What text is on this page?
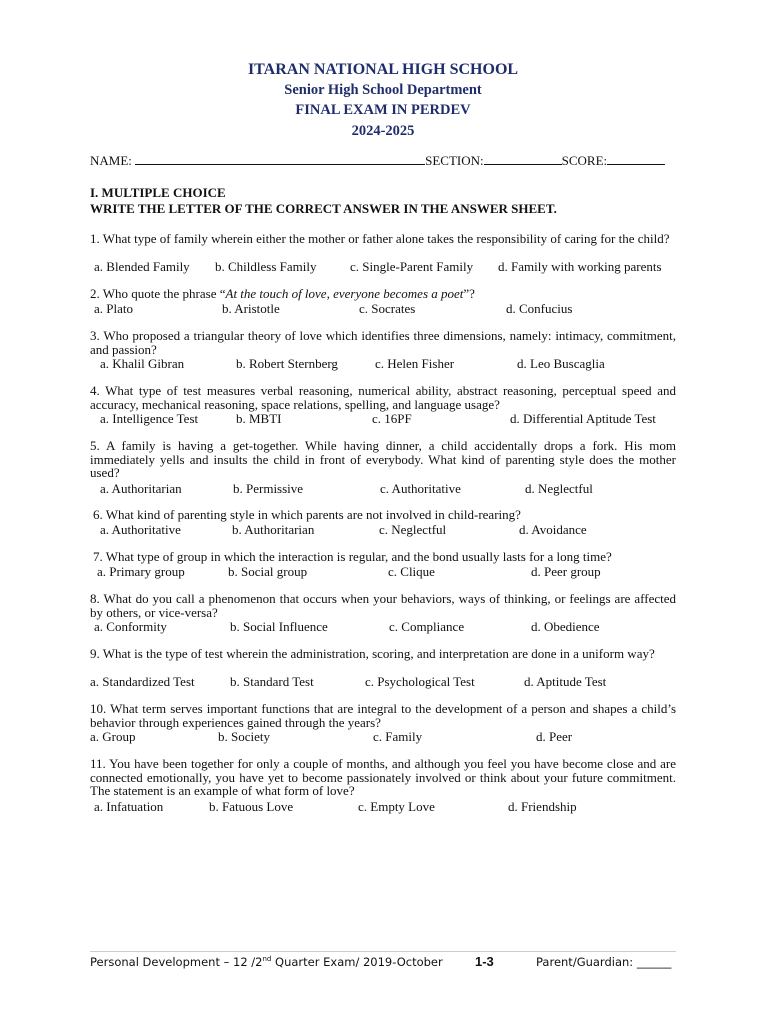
ITARAN NATIONAL HIGH SCHOOL
Senior High School Department
FINAL EXAM IN PERDEV
2024-2025
NAME:	SECTION:	SCORE:
I. MULTIPLE CHOICE
WRITE THE LETTER OF THE CORRECT ANSWER IN THE ANSWER SHEET.
1. What type of family wherein either the mother or father alone takes the responsibility of caring for the child?
a. Blended Family b. Childless Family	c. Single-Parent Family d. Family with working parents
2. Who quote the phrase “At the touch of love, everyone becomes a poet”?
a. Plato	b. Aristotle	c. Socrates	d. Confucius
3. Who proposed a triangular theory of love which identifies three dimensions, namely: intimacy, commitment, and passion?
a. Khalil Gibran	b. Robert Sternberg	c. Helen Fisher	d. Leo Buscaglia
4. What type of test measures verbal reasoning, numerical ability, abstract reasoning, perceptual speed and accuracy, mechanical reasoning, space relations, spelling, and language usage?
a. Intelligence Test	b. MBTI	c. 16PF	d. Differential Aptitude Test
5. A family is having a get-together. While having dinner, a child accidentally drops a fork. His mom immediately yells and insults the child in front of everybody. What kind of parenting style does the mother used?
a. Authoritarian	b. Permissive	c. Authoritative	d. Neglectful
6. What kind of parenting style in which parents are not involved in child-rearing?
a. Authoritative	b. Authoritarian	c. Neglectful	d. Avoidance
7. What type of group in which the interaction is regular, and the bond usually lasts for a long time?
a. Primary group	b. Social group	c. Clique	d. Peer group
8. What do you call a phenomenon that occurs when your behaviors, ways of thinking, or feelings are affected by others, or vice-versa?
a. Conformity	b. Social Influence	c. Compliance	d. Obedience
9. What is the type of test wherein the administration, scoring, and interpretation are done in a uniform way?
a. Standardized Test	b. Standard Test	c. Psychological Test	d. Aptitude Test
10. What term serves important functions that are integral to the development of a person and shapes a child’s behavior through experiences gained through the years?
a. Group	b. Society	c. Family	d. Peer
11. You have been together for only a couple of months, and although you feel you have become close and are connected emotionally, you have yet to become passionately involved or think about your future commitment. The statement is an example of what form of love?
a. Infatuation	b. Fatuous Love	c. Empty Love	d. Friendship
Personal Development – 12 /2nd Quarter Exam/ 2019-October 1-3	Parent/Guardian: ______
